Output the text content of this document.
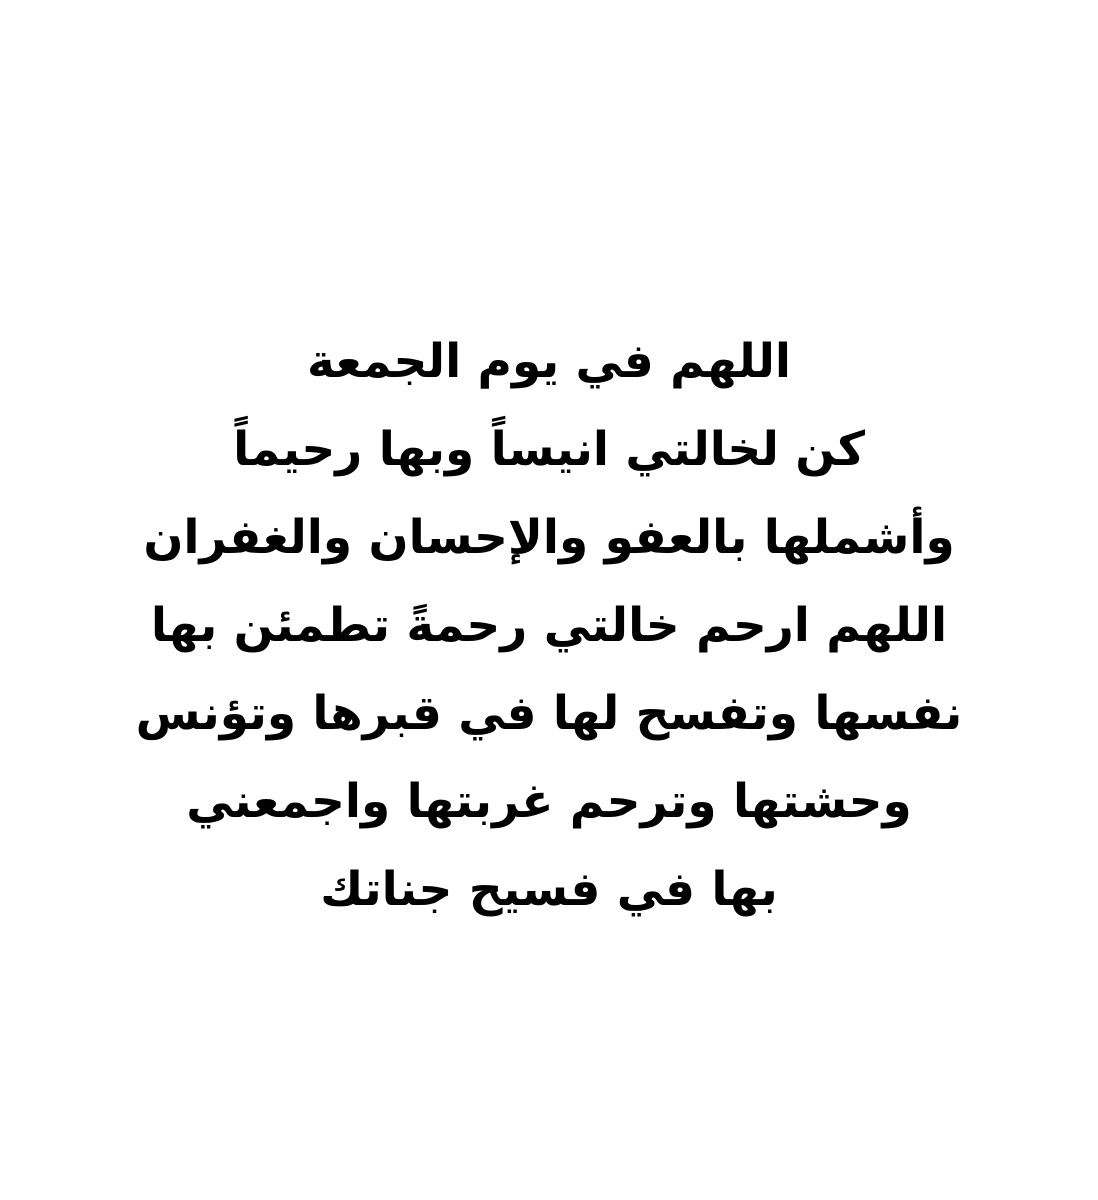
اللهم في يوم الجمعة

كن لخالتي انيساً وبها رحيماً

وأشملها بالعفو والإحسان والغفران

اللهم ارحم خالتي رحمةً تطمئن بها

نفسها وتفسح لها في قبرها وتؤنس

وحشتها وترحم غربتها واجمعني

بها في فسيح جناتك
